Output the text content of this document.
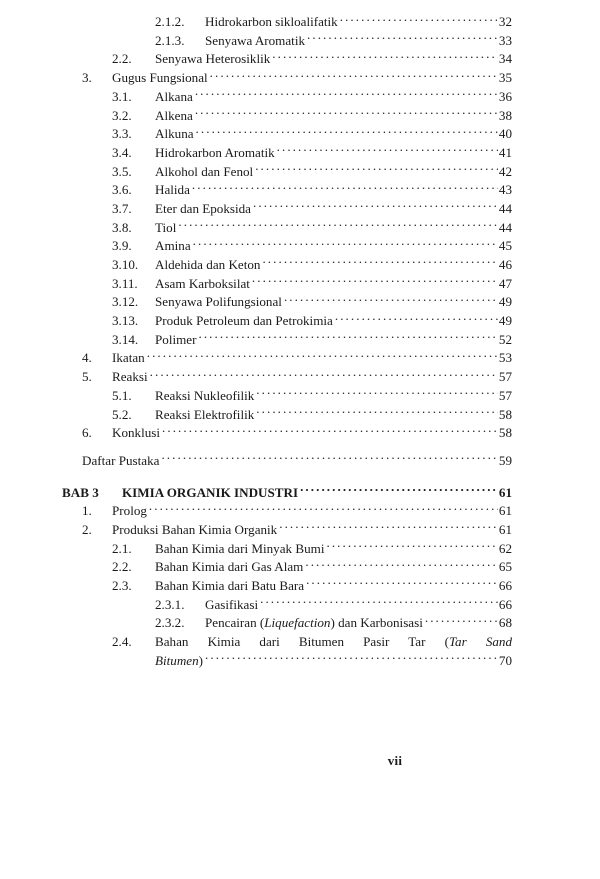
2.1.2.	Hidrokarbon sikloalifatik . . .	32
2.1.3.	Senyawa Aromatik . . .	33
2.2.	Senyawa Heterosiklik . . .	34
3.	Gugus Fungsional . . .	35
3.1.	Alkana . . .	36
3.2.	Alkena . . .	38
3.3.	Alkuna . . .	40
3.4.	Hidrokarbon Aromatik . . .	41
3.5.	Alkohol dan Fenol . . .	42
3.6.	Halida . . .	43
3.7.	Eter dan Epoksida . . .	44
3.8.	Tiol . . .	44
3.9.	Amina . . .	45
3.10.	Aldehida dan Keton . . .	46
3.11.	Asam Karboksilat . . .	47
3.12.	Senyawa Polifungsional . . .	49
3.13.	Produk Petroleum dan Petrokimia . . .	49
3.14.	Polimer . . .	52
4.	Ikatan . . .	53
5.	Reaksi . . .	57
5.1.	Reaksi Nukleofilik . . .	57
5.2.	Reaksi Elektrofilik . . .	58
6.	Konklusi . . .	58
Daftar Pustaka . . .	59
BAB 3	KIMIA ORGANIK INDUSTRI . . .	61
1.	Prolog . . .	61
2.	Produksi Bahan Kimia Organik . . .	61
2.1.	Bahan Kimia dari Minyak Bumi . . .	62
2.2.	Bahan Kimia dari Gas Alam . . .	65
2.3.	Bahan Kimia dari Batu Bara . . .	66
2.3.1.	Gasifikasi . . .	66
2.3.2.	Pencairan (Liquefaction) dan Karbonisasi . . .	68
2.4.	Bahan Kimia dari Bitumen Pasir Tar (Tar Sand
Bitumen) . . .	70
vii
